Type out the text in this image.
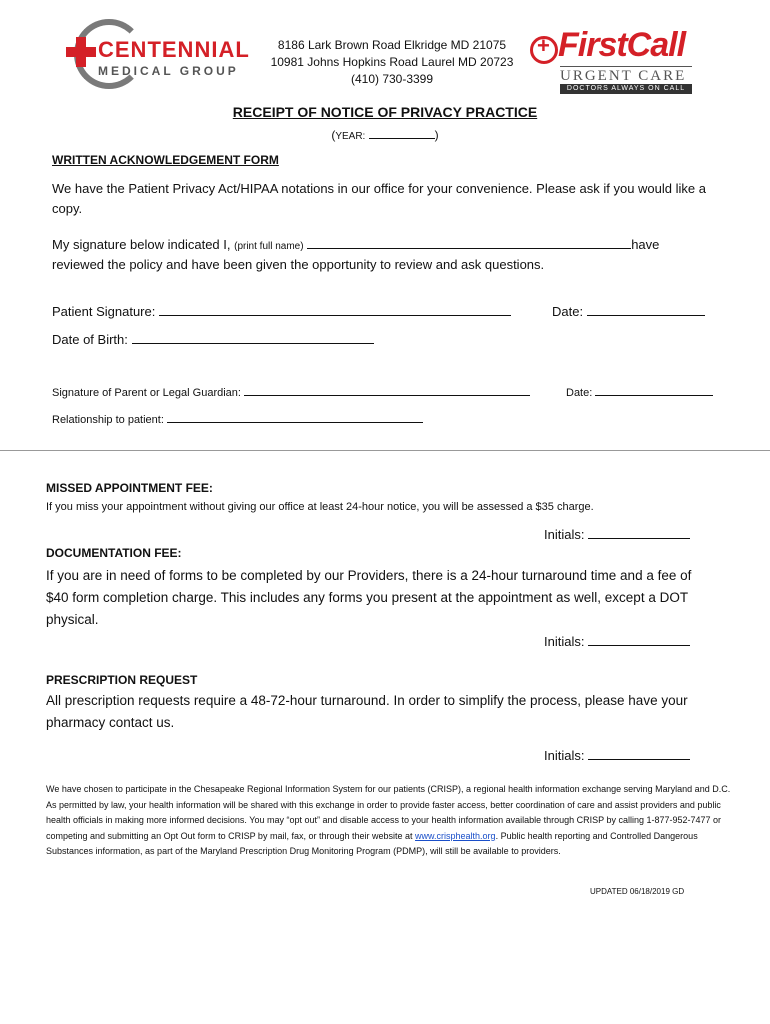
CENTENNIAL
MEDICAL GROUP
8186 Lark Brown Road Elkridge MD 21075
10981 Johns Hopkins Road Laurel MD 20723
(410) 730-3399
+
FirstCall
URGENT CARE
DOCTORS ALWAYS ON CALL
RECEIPT OF NOTICE OF PRIVACY PRACTICE
(YEAR:	)
WRITTEN ACKNOWLEDGEMENT FORM
We have the Patient Privacy Act/HIPAA notations in our office for your convenience. Please ask if you would like a copy.
My signature below indicated I, (print full name)	have
reviewed the policy and have been given the opportunity to review and ask questions.
Patient Signature:	Date:
Date of Birth:
Signature of Parent or Legal Guardian:	Date:
Relationship to patient:
MISSED APPOINTMENT FEE:
If you miss your appointment without giving our office at least 24-hour notice, you will be assessed a $35 charge.
Initials:
DOCUMENTATION FEE:
If you are in need of forms to be completed by our Providers, there is a 24-hour turnaround time and a fee of
$40 form completion charge. This includes any forms you present at the appointment as well, except a DOT
physical.
Initials:
PRESCRIPTION REQUEST
All prescription requests require a 48-72-hour turnaround. In order to simplify the process, please have your
pharmacy contact us.
Initials:
We have chosen to participate in the Chesapeake Regional Information System for our patients (CRISP), a regional health information exchange serving Maryland and D.C. As permitted by law, your health information will be shared with this exchange in order to provide faster access, better coordination of care and assist providers and public health officials in making more informed decisions. You may “opt out” and disable access to your health information available through CRISP by calling 1-877-952-7477 or competing and submitting an Opt Out form to CRISP by mail, fax, or through their website at www.crisphealth.org. Public health reporting and Controlled Dangerous Substances information, as part of the Maryland Prescription Drug Monitoring Program (PDMP), will still be available to providers.
UPDATED 06/18/2019 GD
